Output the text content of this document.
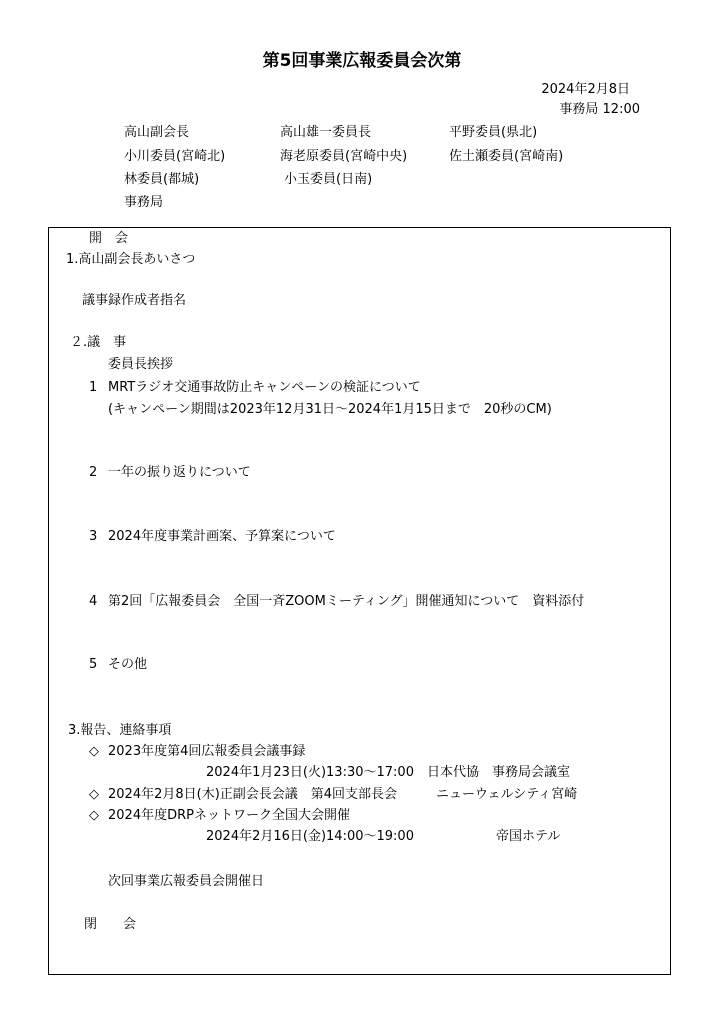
第5回事業広報委員会次第
2024年2月8日
事務局 12:00
高山副会長	高山雄一委員長	平野委員(県北)
小川委員(宮崎北)	海老原委員(宮崎中央)	佐土瀬委員(宮崎南)
林委員(都城)	小玉委員(日南)
事務局
開　会
1.高山副会長あいさつ
議事録作成者指名
２.議　事
委員長挨拶
1 MRTラジオ交通事故防止キャンペーンの検証について
(キャンペーン期間は2023年12月31日～2024年1月15日まで　20秒のCM)
2 一年の振り返りについて
3 2024年度事業計画案、予算案について
4 第2回「広報委員会　全国一斉ZOOMミーティング」開催通知について　資料添付
5 その他
3.報告、連絡事項
◇ 2023年度第4回広報委員会議事録
2024年1月23日(火)13:30～17:00　日本代協　事務局会議室
◇ 2024年2月8日(木)正副会長会議　第4回支部長会　　　ニューウェルシティ宮崎
◇ 2024年度DRPネットワーク全国大会開催
2024年2月16日(金)14:00～19:00	帝国ホテル
次回事業広報委員会開催日
閉　　会
